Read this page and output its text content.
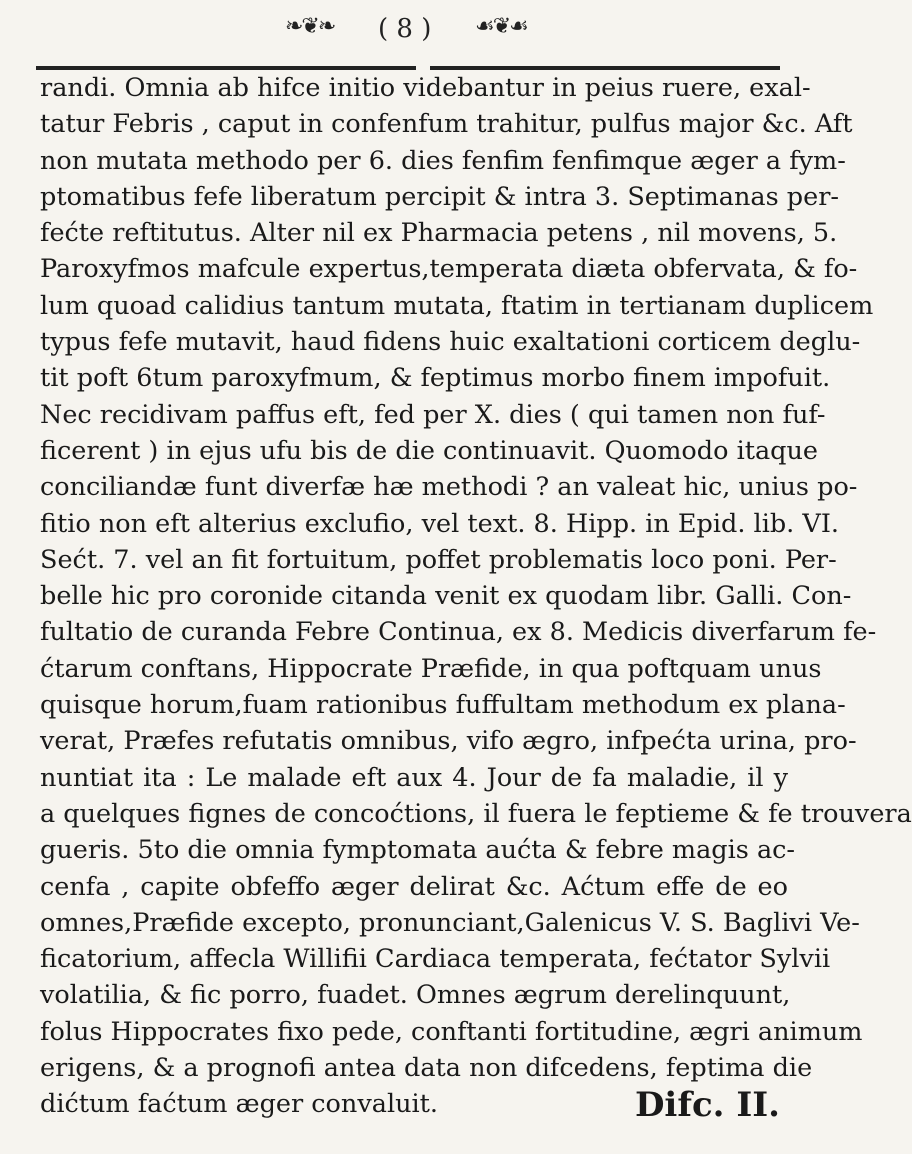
❧❦❧ ( 8 ) ☙❦☙
randi. Omnia ab hifce initio videbantur in peius ruere, exal-
tatur Febris , caput in confenfum trahitur, pulfus major &c. Aft
non mutata methodo per 6. dies fenfim fenfimque æger a fym-
ptomatibus fefe liberatum percipit & intra 3. Septimanas per-
fećte reftitutus. Alter nil ex Pharmacia petens , nil movens, 5.
Paroxyfmos mafcule expertus,temperata diæta obfervata, & fo-
lum quoad calidius tantum mutata, ftatim in tertianam duplicem
typus fefe mutavit, haud fidens huic exaltationi corticem deglu-
tit poft 6tum paroxyfmum, & feptimus morbo finem impofuit.
Nec recidivam paffus eft, fed per X. dies ( qui tamen non fuf-
ficerent ) in ejus ufu bis de die continuavit. Quomodo itaque
conciliandæ funt diverfæ hæ methodi ? an valeat hic, unius po-
fitio non eft alterius exclufio, vel text. 8. Hipp. in Epid. lib. VI.
Sećt. 7. vel an fit fortuitum, poffet problematis loco poni. Per-
belle hic pro coronide citanda venit ex quodam libr. Galli. Con-
fultatio de curanda Febre Continua, ex 8. Medicis diverfarum fe-
ćtarum conftans, Hippocrate Præfide, in qua poftquam unus
quisque horum,fuam rationibus fuffultam methodum ex plana-
verat, Præfes refutatis omnibus, vifo ægro, infpećta urina, pro-
nuntiat ita : Le malade eft aux 4. Jour de fa maladie, il y
a quelques fignes de concoćtions, il fuera le feptieme & fe trouvera
gueris. 5to die omnia fymptomata aućta & febre magis ac-
cenfa , capite obfeffo æger delirat &c. Aćtum effe de eo
omnes,Præfide excepto, pronunciant,Galenicus V. S. Baglivi Ve-
ficatorium, affecla Willifii Cardiaca temperata, fećtator Sylvii
volatilia, & fic porro, fuadet. Omnes ægrum derelinquunt,
folus Hippocrates fixo pede, conftanti fortitudine, ægri animum
erigens, & a prognofi antea data non difcedens, feptima die
dićtum faćtum æger convaluit.	Difc. II.
